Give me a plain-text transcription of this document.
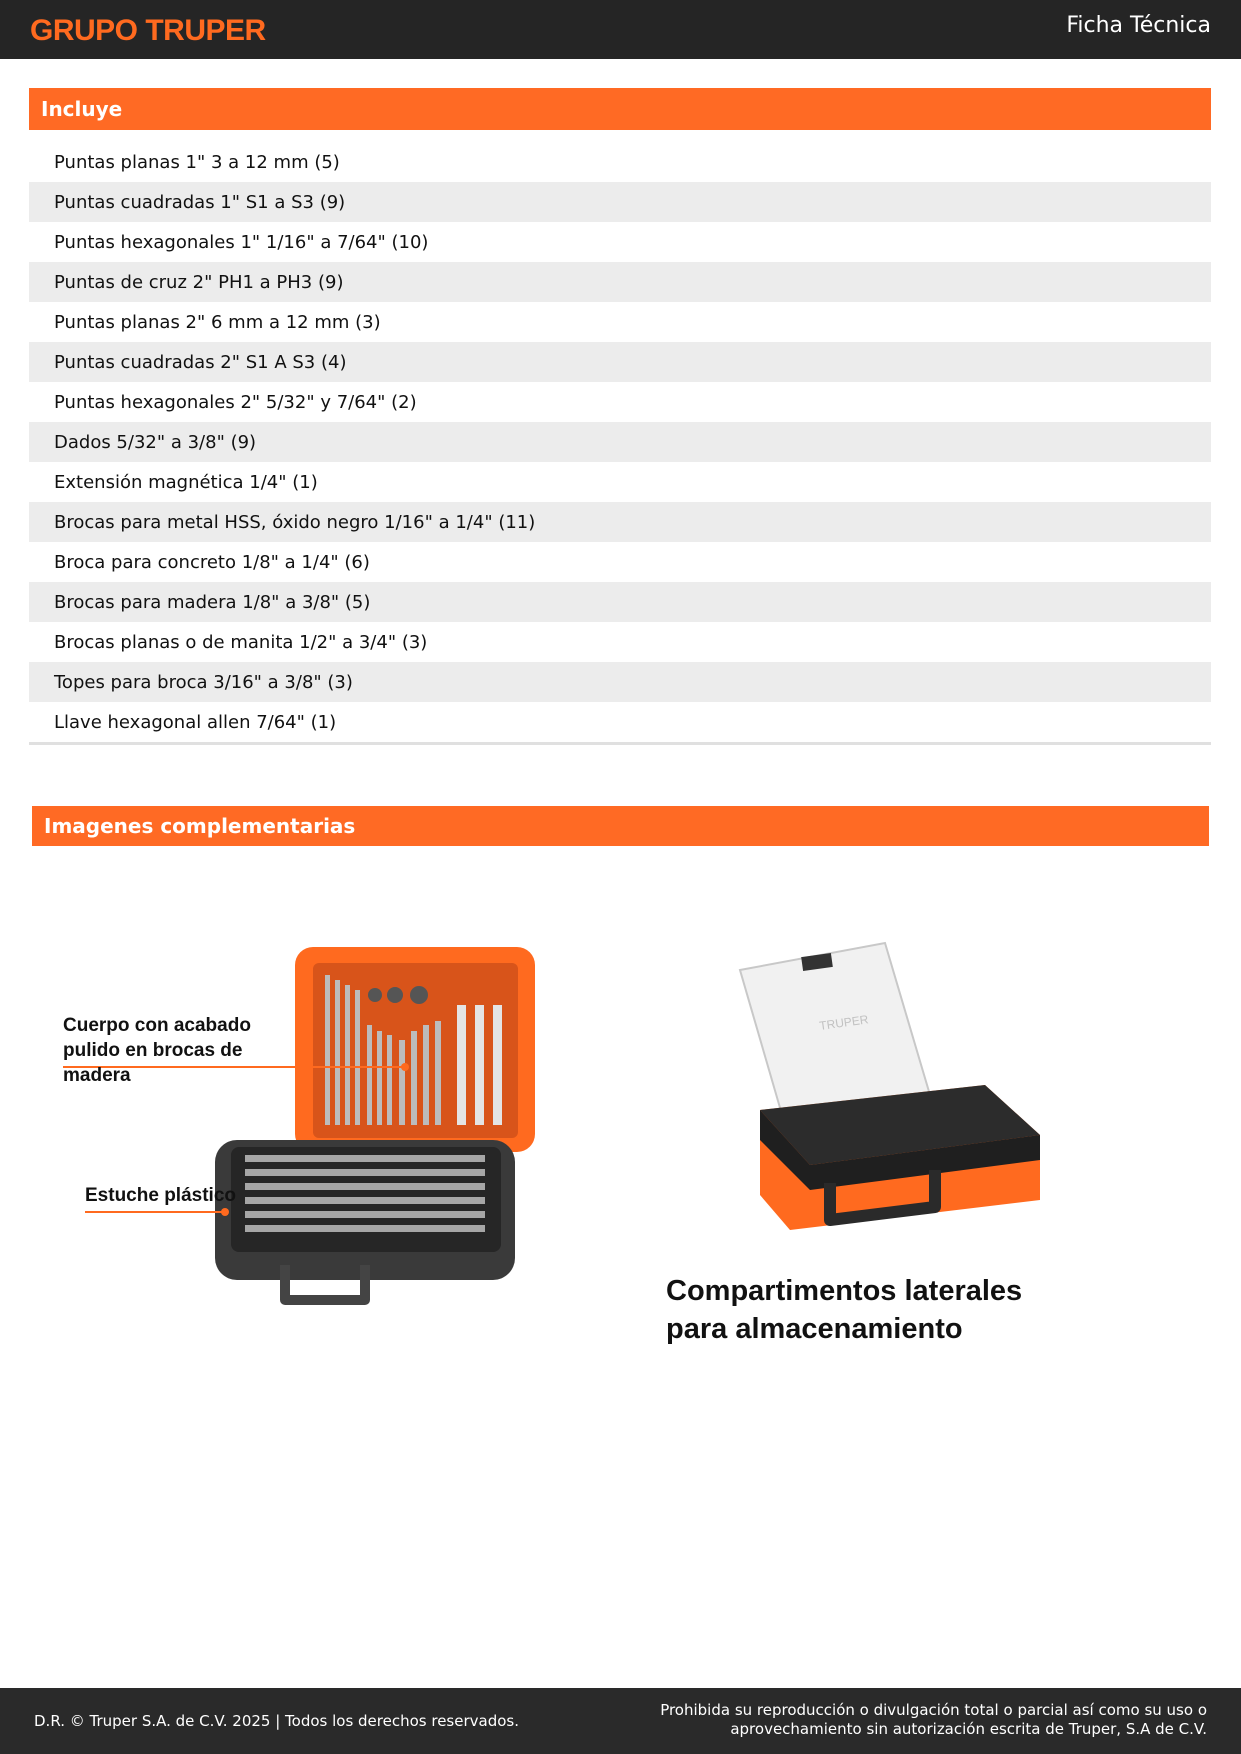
GRUPO TRUPER	Ficha Técnica
Incluye
Puntas planas 1" 3 a 12 mm (5)
Puntas cuadradas 1" S1 a S3 (9)
Puntas hexagonales 1" 1/16" a 7/64" (10)
Puntas de cruz 2" PH1 a PH3 (9)
Puntas planas 2" 6 mm a 12 mm (3)
Puntas cuadradas 2" S1 A S3 (4)
Puntas hexagonales 2" 5/32" y 7/64" (2)
Dados 5/32" a 3/8" (9)
Extensión magnética 1/4" (1)
Brocas para metal HSS, óxido negro 1/16" a 1/4" (11)
Broca para concreto 1/8" a 1/4" (6)
Brocas para madera 1/8" a 3/8" (5)
Brocas planas o de manita 1/2" a 3/4" (3)
Topes para broca 3/16" a 3/8" (3)
Llave hexagonal allen 7/64" (1)
Imagenes complementarias
Cuerpo con acabado pulido en brocas de madera
Estuche plástico
TRUPER
Compartimentos laterales para almacenamiento
D.R. © Truper S.A. de C.V. 2025 | Todos los derechos reservados.
Prohibida su reproducción o divulgación total o parcial así como su uso o
aprovechamiento sin autorización escrita de Truper, S.A de C.V.
